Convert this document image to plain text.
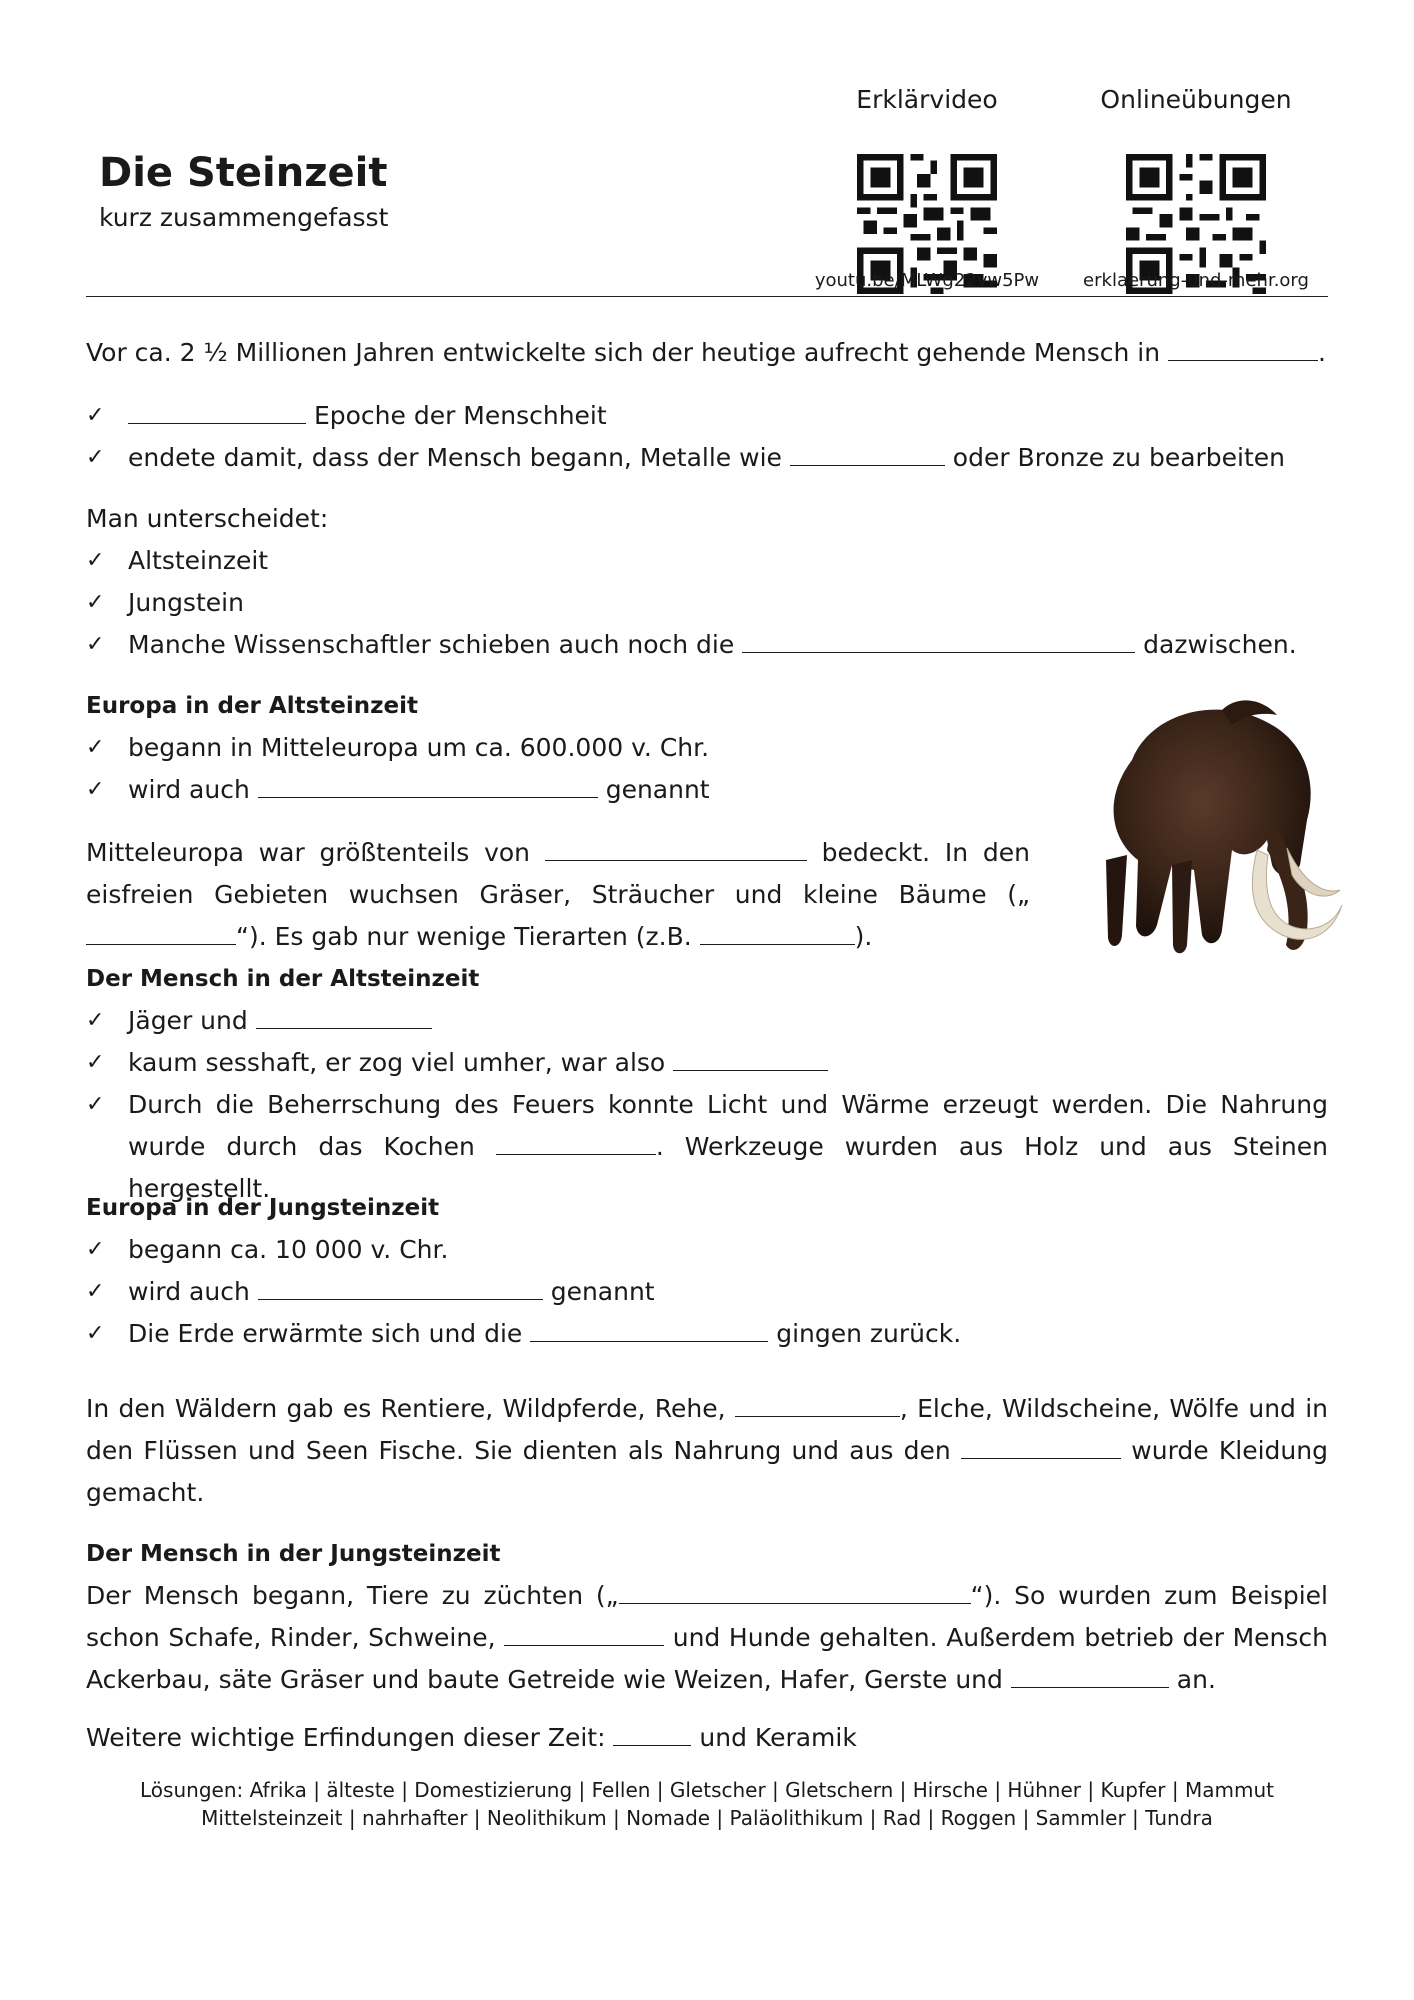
Die Steinzeit
kurz zusammengefasst
Erklärvideo
youtu.be/MLWg22vw5Pw
Onlineübungen
erklaerung-und-mehr.org

Vor ca. 2 ½ Millionen Jahren entwickelte sich der heutige aufrecht gehende Mensch in	.

✓	Epoche der Menschheit
✓ endete damit, dass der Mensch begann, Metalle wie	oder Bronze zu bearbeiten

Man unterscheidet:

✓ Altsteinzeit
✓ Jungstein
✓ Manche Wissenschaftler schieben auch noch die	dazwischen.

Europa in der Altsteinzeit

✓ begann in Mitteleuropa um ca. 600.000 v. Chr.
✓ wird auch	genannt

Mitteleuropa war größtenteils von	bedeckt. In den eisfreien Gebieten wuchsen Gräser, Sträucher und kleine Bäume („“). Es gab nur wenige Tierarten (z.B.	).

Der Mensch in der Altsteinzeit

✓ Jäger und
✓ kaum sesshaft, er zog viel umher, war also
✓ Durch die Beherrschung des Feuers konnte Licht und Wärme erzeugt werden. Die Nahrung wurde durch das Kochen	. Werkzeuge wurden aus Holz und aus Steinen hergestellt.

Europa in der Jungsteinzeit

✓ begann ca. 10 000 v. Chr.
✓ wird auch	genannt
✓ Die Erde erwärmte sich und die	gingen zurück.

In den Wäldern gab es Rentiere, Wildpferde, Rehe,	, Elche, Wildscheine, Wölfe und in den Flüssen und Seen Fische. Sie dienten als Nahrung und aus den	wurde Kleidung gemacht.

Der Mensch in der Jungsteinzeit

Der Mensch begann, Tiere zu züchten („	“). So wurden zum Beispiel schon Schafe, Rinder, Schweine,	und Hunde gehalten. Außerdem betrieb der Mensch Ackerbau, säte Gräser und baute Getreide wie Weizen, Hafer, Gerste und	an.

Weitere wichtige Erfindungen dieser Zeit:	und Keramik

Lösungen: Afrika | älteste | Domestizierung | Fellen | Gletscher | Gletschern | Hirsche | Hühner | Kupfer | Mammut
Mittelsteinzeit | nahrhafter | Neolithikum | Nomade | Paläolithikum | Rad | Roggen | Sammler | Tundra
